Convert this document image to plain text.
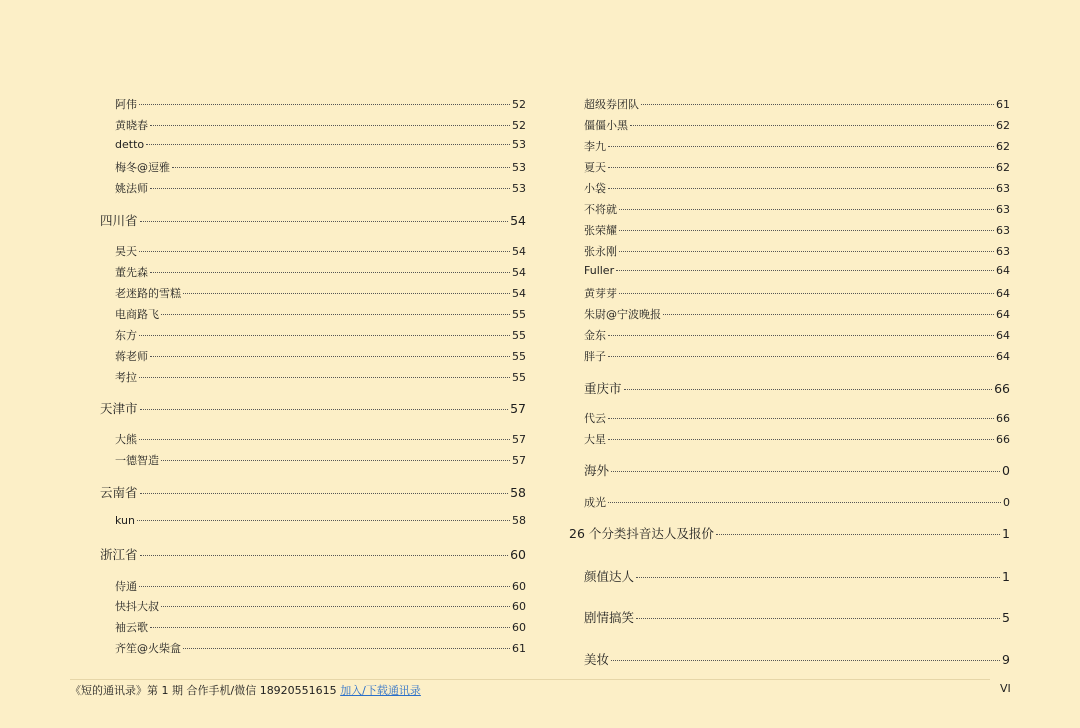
阿伟	52
黄晓春	52
detto	53
梅冬@逗雅	53
姚法师	53
四川省	54
昊天	54
董先森	54
老迷路的雪糕	54
电商路飞	55
东方	55
蒋老师	55
考拉	55
天津市	57
大熊	57
一德智造	57
云南省	58
kun	58
浙江省	60
侍通	60
快抖大叔	60
袖云歌	60
齐笙@火柴盒	61
超级券团队	61
僵僵小黑	62
李九	62
夏天	62
小袋	63
不将就	63
张荣耀	63
张永刚	63
Fuller	64
黄芽芽	64
朱尉@宁波晚报	64
金东	64
胖子	64
重庆市	66
代云	66
大星	66
海外	0
成光	0
26 个分类抖音达人及报价	1
颜值达人	1
剧情搞笑	5
美妆	9
《短的通讯录》第 1 期 合作手机/微信 18920551615 加入/下载通讯录	VI
